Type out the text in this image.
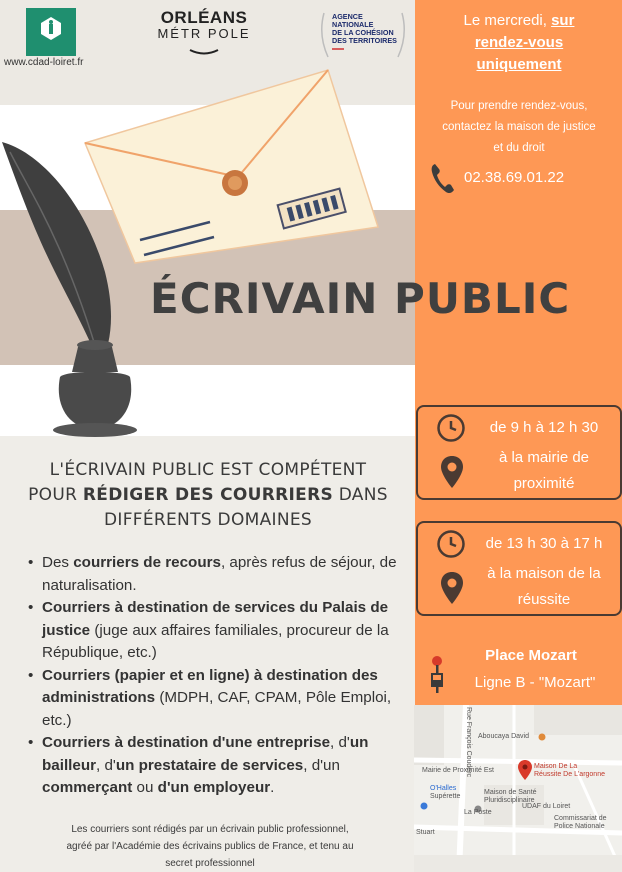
www.cdad-loiret.fr
ORLÉANS
MÉTR POLE
AGENCE
NATIONALE
DE LA COHÉSION
DES TERRITOIRES
Le mercredi, sur
rendez-vous
uniquement
Pour prendre rendez-vous,
contactez la maison de justice
et du droit
02.38.69.01.22
ÉCRIVAIN PUBLIC
de 9 h à 12 h 30
à la mairie de
proximité
de 13 h 30 à 17 h
à la maison de la
réussite
L'ÉCRIVAIN PUBLIC EST COMPÉTENT
POUR RÉDIGER DES COURRIERS DANS
DIFFÉRENTS DOMAINES
• Des courriers de recours, après refus de séjour, de naturalisation.
• Courriers à destination de services du Palais de justice (juge aux affaires familiales, procureur de la République, etc.)
• Courriers (papier et en ligne) à destination des administrations (MDPH, CAF, CPAM, Pôle Emploi, etc.)
• Courriers à destination d'une entreprise, d'un bailleur, d'un prestataire de services, d'un commerçant ou d'un employeur.
Les courriers sont rédigés par un écrivain public professionnel,
agréé par l'Académie des écrivains publics de France, et tenu au
secret professionnel
Place Mozart
Ligne B - "Mozart"
Aboucaya David
Mairie de Proximité Est
Maison De La
Réussite De L'argonne
O'Halles
Supérette
Maison de Santé
Pluridisciplinaire
UDAF du Loiret
Commissariat de
Police Nationale
La Poste
Stuart
Rue François Couderc
